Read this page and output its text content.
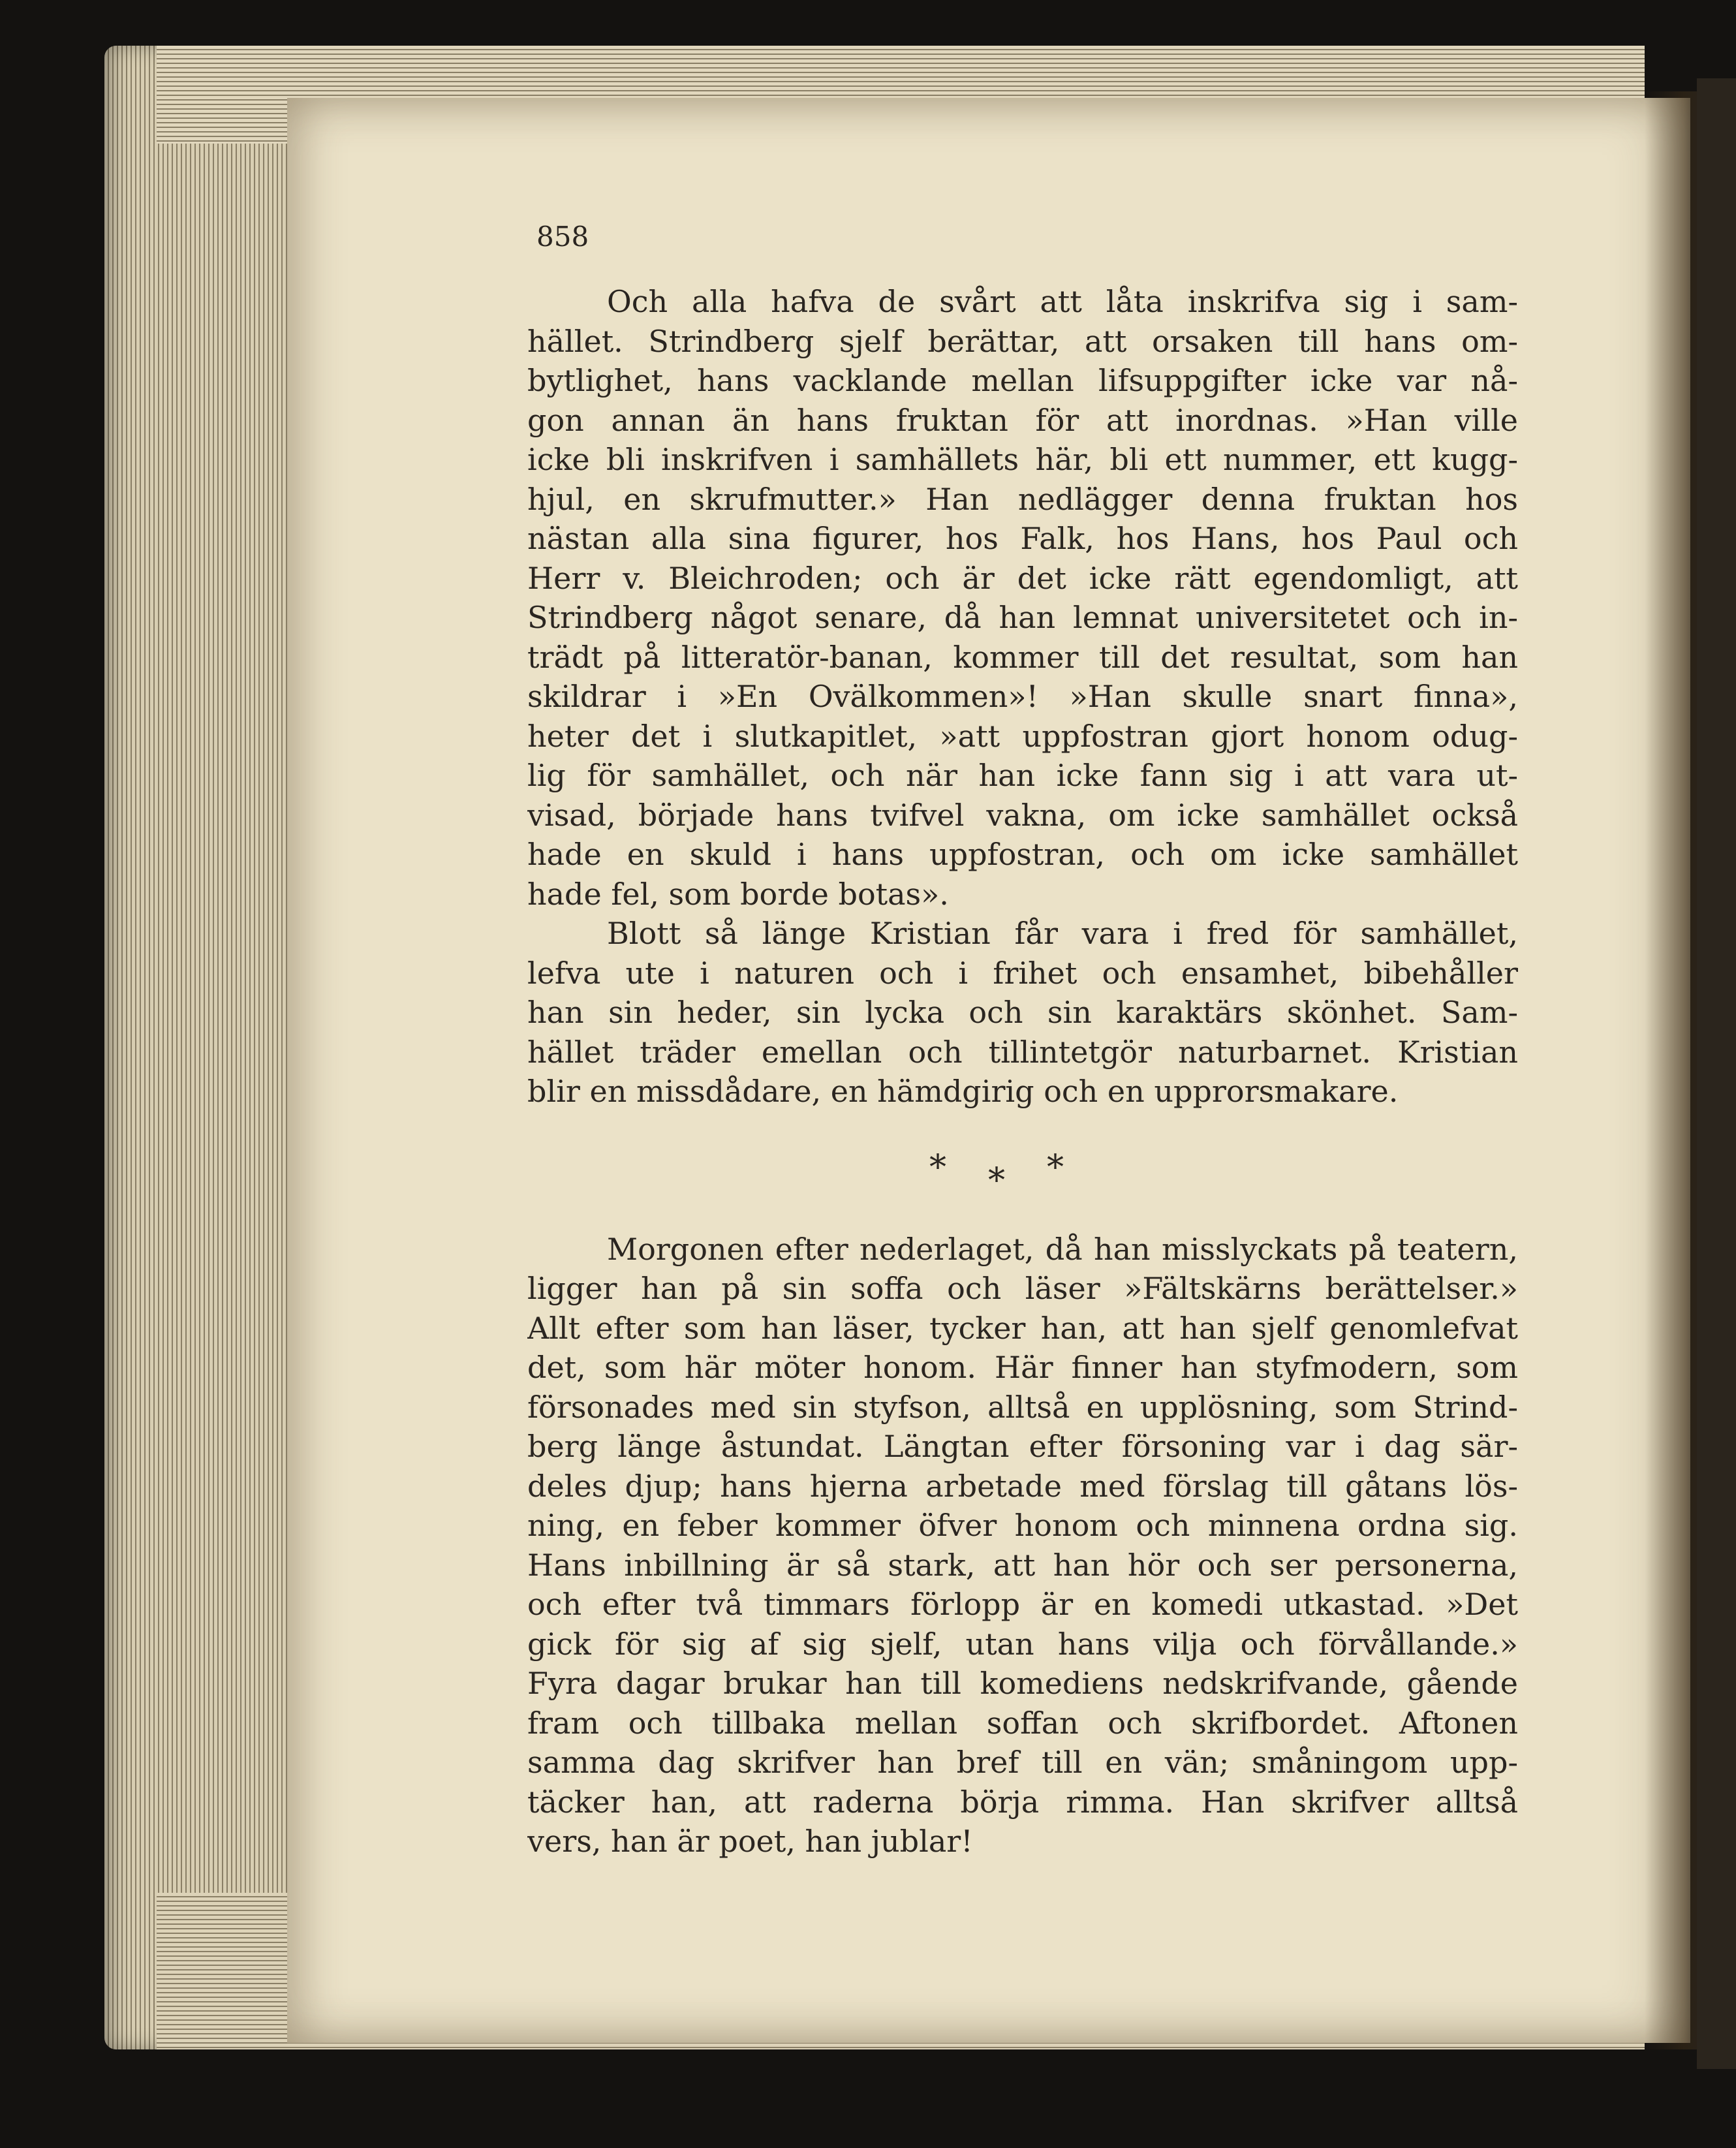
858

Och alla hafva de svårt att låta inskrifva sig i sam-
hället. Strindberg sjelf berättar, att orsaken till hans om-
bytlighet, hans vacklande mellan lifsuppgifter icke var nå-
gon annan än hans fruktan för att inordnas. »Han ville
icke bli inskrifven i samhällets här, bli ett nummer, ett kugg-
hjul, en skrufmutter.» Han nedlägger denna fruktan hos
nästan alla sina figurer, hos Falk, hos Hans, hos Paul och
Herr v. Bleichroden; och är det icke rätt egendomligt, att
Strindberg något senare, då han lemnat universitetet och in-
trädt på litteratör-banan, kommer till det resultat, som han
skildrar i »En Ovälkommen»! »Han skulle snart finna»,
heter det i slutkapitlet, »att uppfostran gjort honom odug-
lig för samhället, och när han icke fann sig i att vara ut-
visad, började hans tvifvel vakna, om icke samhället också
hade en skuld i hans uppfostran, och om icke samhället
hade fel, som borde botas».
Blott så länge Kristian får vara i fred för samhället,
lefva ute i naturen och i frihet och ensamhet, bibehåller
han sin heder, sin lycka och sin karaktärs skönhet. Sam-
hället träder emellan och tillintetgör naturbarnet. Kristian
blir en missdådare, en hämdgirig och en upprorsmakare.
* * *
Morgonen efter nederlaget, då han misslyckats på teatern,
ligger han på sin soffa och läser »Fältskärns berättelser.»
Allt efter som han läser, tycker han, att han sjelf genomlefvat
det, som här möter honom. Här finner han styfmodern, som
försonades med sin styfson, alltså en upplösning, som Strind-
berg länge åstundat. Längtan efter försoning var i dag sär-
deles djup; hans hjerna arbetade med förslag till gåtans lös-
ning, en feber kommer öfver honom och minnena ordna sig.
Hans inbillning är så stark, att han hör och ser personerna,
och efter två timmars förlopp är en komedi utkastad. »Det
gick för sig af sig sjelf, utan hans vilja och förvållande.»
Fyra dagar brukar han till komediens nedskrifvande, gående
fram och tillbaka mellan soffan och skrifbordet. Aftonen
samma dag skrifver han bref till en vän; småningom upp-
täcker han, att raderna börja rimma. Han skrifver alltså
vers, han är poet, han jublar!
